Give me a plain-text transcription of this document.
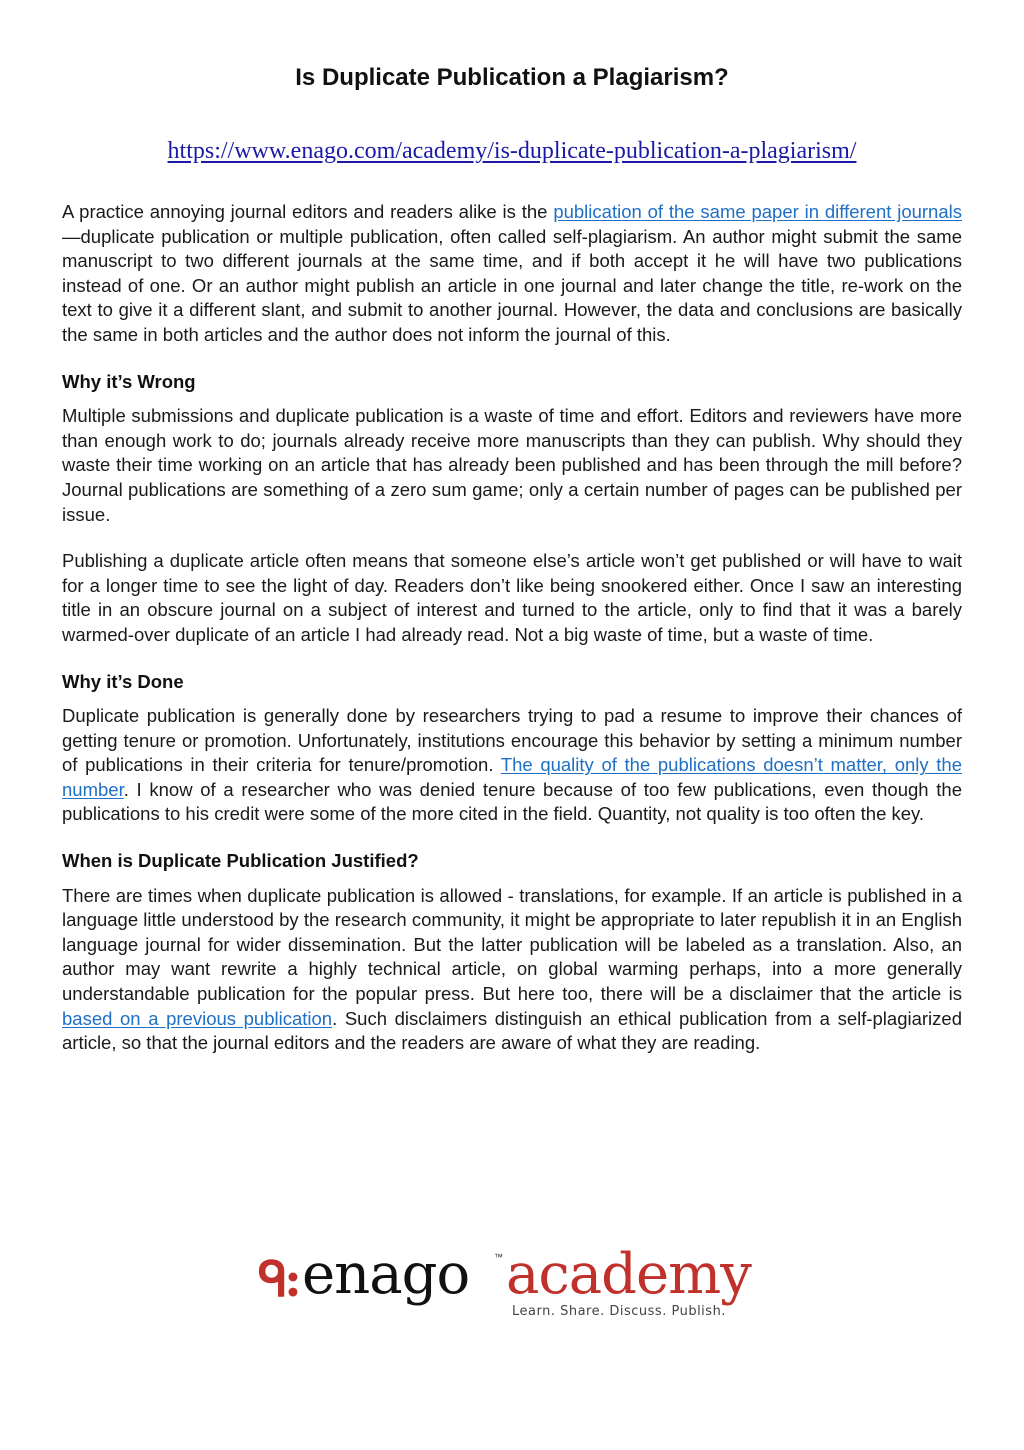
Is Duplicate Publication a Plagiarism?
https://www.enago.com/academy/is-duplicate-publication-a-plagiarism/

A practice annoying journal editors and readers alike is the publication of the same paper in different journals—duplicate publication or multiple publication, often called self-plagiarism. An author might submit the same manuscript to two different journals at the same time, and if both accept it he will have two publications instead of one. Or an author might publish an article in one journal and later change the title, re-work on the text to give it a different slant, and submit to another journal. However, the data and conclusions are basically the same in both articles and the author does not inform the journal of this.

Why it’s Wrong

Multiple submissions and duplicate publication is a waste of time and effort. Editors and reviewers have more than enough work to do; journals already receive more manuscripts than they can publish. Why should they waste their time working on an article that has already been published and has been through the mill before? Journal publications are something of a zero sum game; only a certain number of pages can be published per issue.

Publishing a duplicate article often means that someone else’s article won’t get published or will have to wait for a longer time to see the light of day. Readers don’t like being snookered either. Once I saw an interesting title in an obscure journal on a subject of interest and turned to the article, only to find that it was a barely warmed-over duplicate of an article I had already read. Not a big waste of time, but a waste of time.

Why it’s Done

Duplicate publication is generally done by researchers trying to pad a resume to improve their chances of getting tenure or promotion. Unfortunately, institutions encourage this behavior by setting a minimum number of publications in their criteria for tenure/promotion. The quality of the publications doesn’t matter, only the number. I know of a researcher who was denied tenure because of too few publications, even though the publications to his credit were some of the more cited in the field. Quantity, not quality is too often the key.

When is Duplicate Publication Justified?

There are times when duplicate publication is allowed - translations, for example. If an article is published in a language little understood by the research community, it might be appropriate to later republish it in an English language journal for wider dissemination. But the latter publication will be labeled as a translation. Also, an author may want rewrite a highly technical article, on global warming perhaps, into a more generally understandable publication for the popular press. But here too, there will be a disclaimer that the article is based on a previous publication. Such disclaimers distinguish an ethical publication from a self-plagiarized article, so that the journal editors and the readers are aware of what they are reading.

ᑫ: enago	™ academy
Learn. Share. Discuss. Publish.
